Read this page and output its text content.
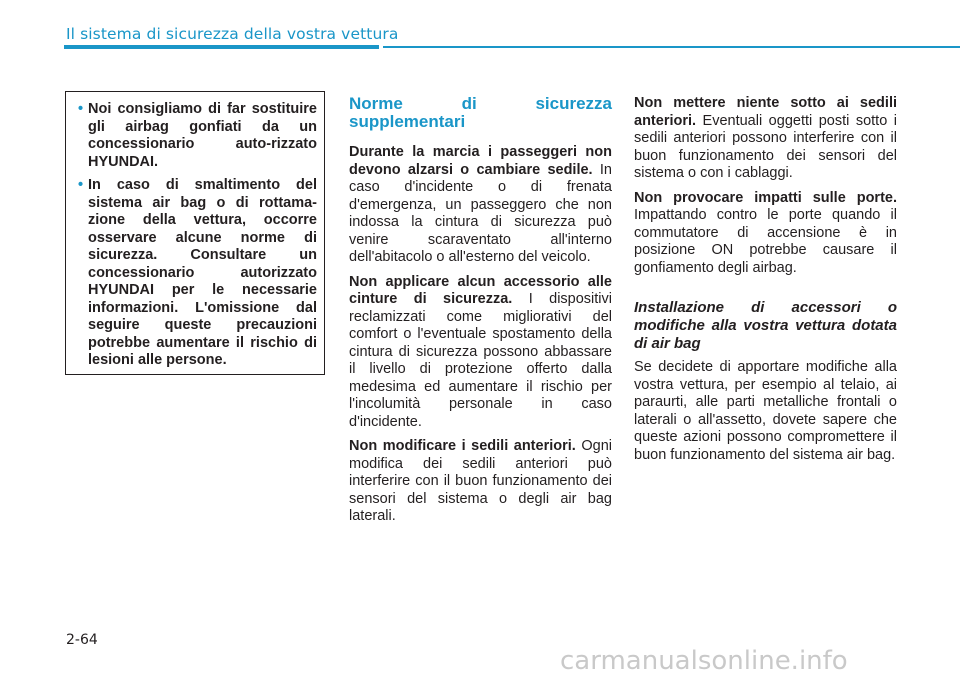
Il sistema di sicurezza della vostra vettura
• Noi consigliamo di far sostituire gli airbag gonfiati da un concessionario auto-rizzato HYUNDAI.
• In caso di smaltimento del sistema air bag o di rottama-zione della vettura, occorre osservare alcune norme di sicurezza. Consultare un concessionario autorizzato HYUNDAI per le necessarie informazioni. L'omissione dal seguire queste precauzioni potrebbe aumentare il rischio di lesioni alle persone.
Norme di sicurezza supplementari

Durante la marcia i passeggeri non devono alzarsi o cambiare sedile. In caso d'incidente o di frenata d'emergenza, un passeggero che non indossa la cintura di sicurezza può venire scaraventato all'interno dell'abitacolo o all'esterno del veicolo.

Non applicare alcun accessorio alle cinture di sicurezza. I dispositivi reclamizzati come migliorativi del comfort o l'eventuale spostamento della cintura di sicurezza possono abbassare il livello di protezione offerto dalla medesima ed aumentare il rischio per l'incolumità personale in caso d'incidente.

Non modificare i sedili anteriori. Ogni modifica dei sedili anteriori può interferire con il buon funzionamento dei sensori del sistema o degli air bag laterali.

Non mettere niente sotto ai sedili anteriori. Eventuali oggetti posti sotto i sedili anteriori possono interferire con il buon funzionamento dei sensori del sistema o con i cablaggi.

Non provocare impatti sulle porte. Impattando contro le porte quando il commutatore di accensione è in posizione ON potrebbe causare il gonfiamento degli airbag.

Installazione di accessori o modifiche alla vostra vettura dotata di air bag

Se decidete di apportare modifiche alla vostra vettura, per esempio al telaio, ai paraurti, alle parti metalliche frontali o laterali o all'assetto, dovete sapere che queste azioni possono compromettere il buon funzionamento del sistema air bag.

2-64
carmanualsonline.info
